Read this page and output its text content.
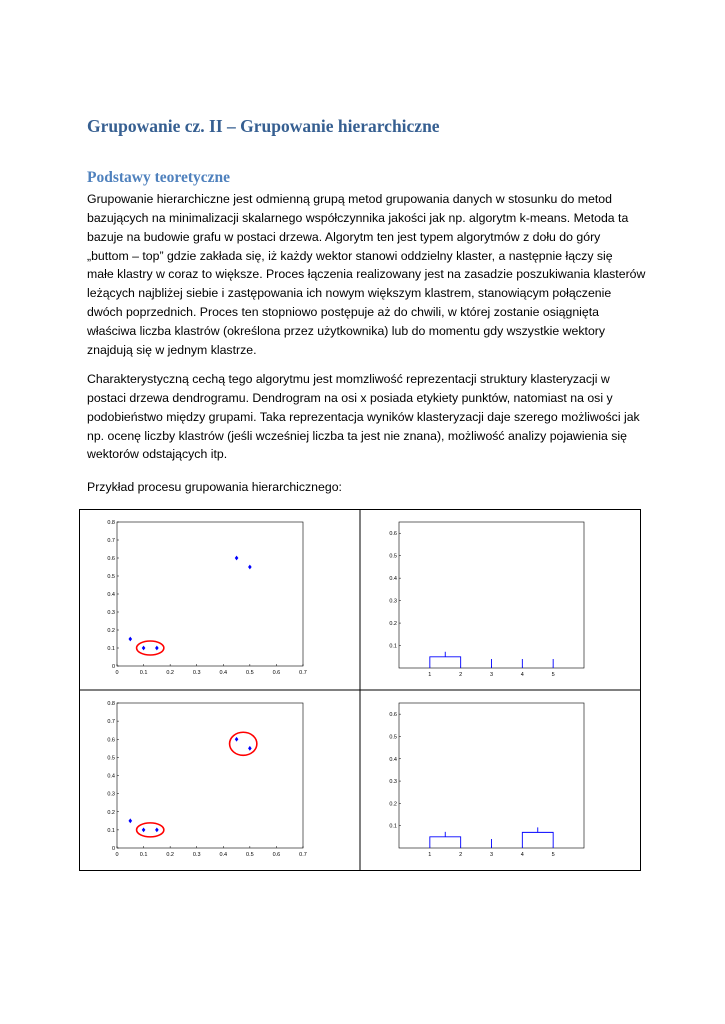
Grupowanie cz. II – Grupowanie hierarchiczne
Podstawy teoretyczne
Grupowanie hierarchiczne jest odmienną grupą metod grupowania danych w stosunku do metod
bazujących na minimalizacji skalarnego współczynnika jakości jak np. algorytm k-means. Metoda ta
bazuje na budowie grafu w postaci drzewa. Algorytm ten jest typem algorytmów z dołu do góry
„buttom – top” gdzie zakłada się, iż każdy wektor stanowi oddzielny klaster, a następnie łączy się
małe klastry w coraz to większe. Proces łączenia realizowany jest na zasadzie poszukiwania klasterów
leżących najbliżej siebie i zastępowania ich nowym większym klastrem, stanowiącym połączenie
dwóch poprzednich. Proces ten stopniowo postępuje aż do chwili, w której zostanie osiągnięta
właściwa liczba klastrów (określona przez użytkownika) lub do momentu gdy wszystkie wektory
znajdują się w jednym klastrze.
Charakterystyczną cechą tego algorytmu jest momzliwość reprezentacji struktury klasteryzacji w
postaci drzewa dendrogramu. Dendrogram na osi x posiada etykiety punktów, natomiast na osi y
podobieństwo między grupami. Taka reprezentacja wyników klasteryzacji daje szerego możliwości jak
np. ocenę liczby klastrów (jeśli wcześniej liczba ta jest nie znana), możliwość analizy pojawienia się
wektorów odstających itp.
Przykład procesu grupowania hierarchicznego:
0	0.1	0.2	0.3	0.4	0.5	0.6	0.7
0
0.1
0.2
0.3
0.4
0.5
0.6
0.7
0.8
1	2	3	4	5
0.1
0.2
0.3
0.4
0.5
0.6
0	0.1	0.2	0.3	0.4	0.5	0.6	0.7
0
0.1
0.2
0.3
0.4
0.5
0.6
0.7
0.8
1	2	3	4	5
0.1
0.2
0.3
0.4
0.5
0.6
